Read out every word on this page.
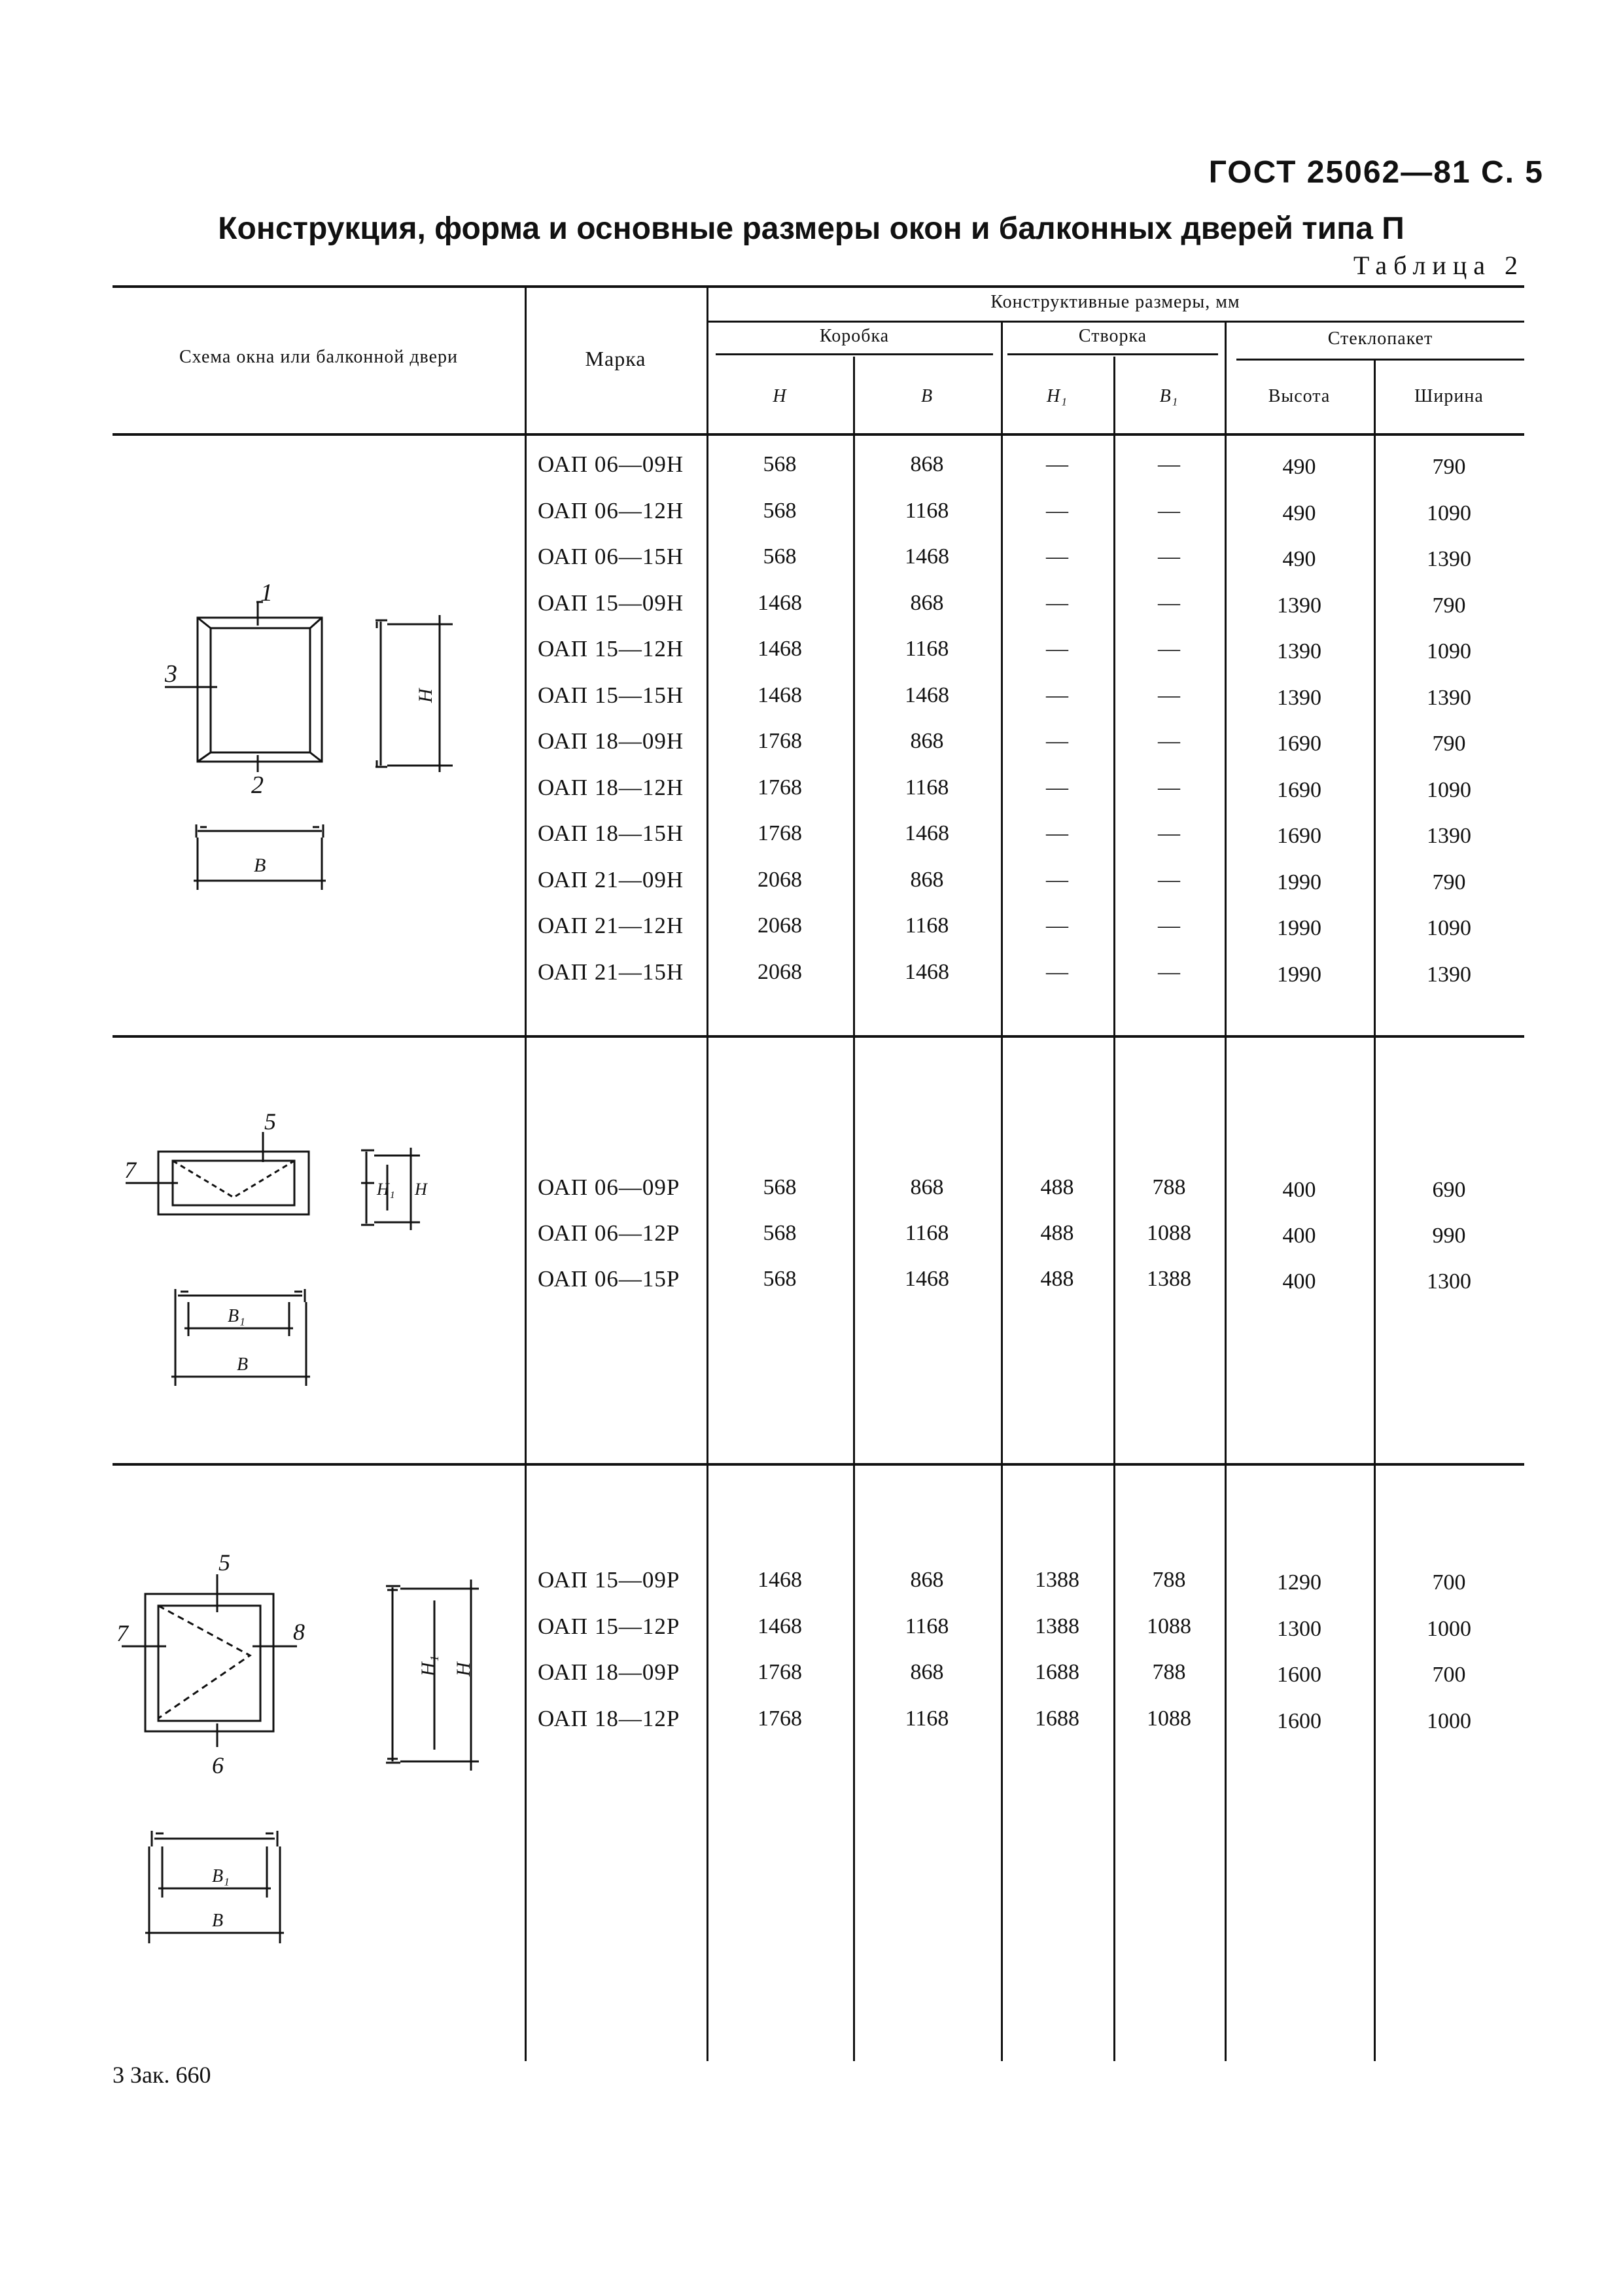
ГОСТ 25062—81 С. 5
Конструкция, форма и основные размеры окон и балконных дверей типа П
Таблица 2
Схема окна или балконной двери	Марка
Конструктивные размеры, мм
Коробка	Створка	Стеклопакет
H	B	H₁	B₁	Высота	Ширина
ОАП 06—09Н	568	868	—	—	490	790
ОАП 06—12Н	568	1168	—	—	490	1090
ОАП 06—15Н	568	1468	—	—	490	1390
ОАП 15—09Н	1468	868	—	—	1390	790
ОАП 15—12Н	1468	1168	—	—	1390	1090
ОАП 15—15Н	1468	1468	—	—	1390	1390
ОАП 18—09Н	1768	868	—	—	1690	790
ОАП 18—12Н	1768	1168	—	—	1690	1090
ОАП 18—15Н	1768	1468	—	—	1690	1390
ОАП 21—09Н	2068	868	—	—	1990	790
ОАП 21—12Н	2068	1168	—	—	1990	1090
ОАП 21—15Н	2068	1468	—	—	1990	1390
ОАП 06—09Р	568	868	488	788	400	690
ОАП 06—12Р	568	1168	488	1088	400	990
ОАП 06—15Р	568	1468	488	1388	400	1300
ОАП 15—09Р	1468	868	1388	788	1290	700
ОАП 15—12Р	1468	1168	1388	1088	1300	1000
ОАП 18—09Р	1768	868	1688	788	1600	700
ОАП 18—12Р	1768	1168	1688	1088	1600	1000
1
2
3
H
B
5
7
H₁ H
B₁
B
5
6
7	8
H₁ H
B₁
B
3 Зак. 660
